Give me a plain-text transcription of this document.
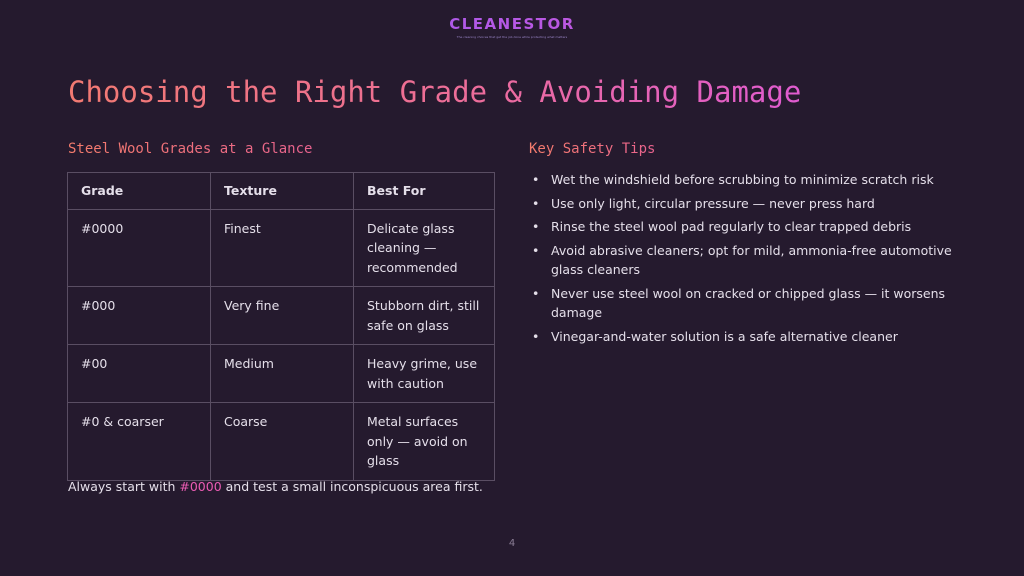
CLEANESTOR
The cleaning choices that get the job done while protecting what matters
Choosing the Right Grade & Avoiding Damage
Steel Wool Grades at a Glance
Grade	Texture	Best For
#0000	Finest	Delicate glass cleaning — recommended
#000	Very fine	Stubborn dirt, still safe on glass
#00	Medium	Heavy grime, use with caution
#0 & coarser	Coarse	Metal surfaces only — avoid on glass

Always start with #0000 and test a small inconspicuous area first.

Key Safety Tips
• Wet the windshield before scrubbing to minimize scratch risk
• Use only light, circular pressure — never press hard
• Rinse the steel wool pad regularly to clear trapped debris
• Avoid abrasive cleaners; opt for mild, ammonia-free automotive glass cleaners
• Never use steel wool on cracked or chipped glass — it worsens damage
• Vinegar-and-water solution is a safe alternative cleaner
4
